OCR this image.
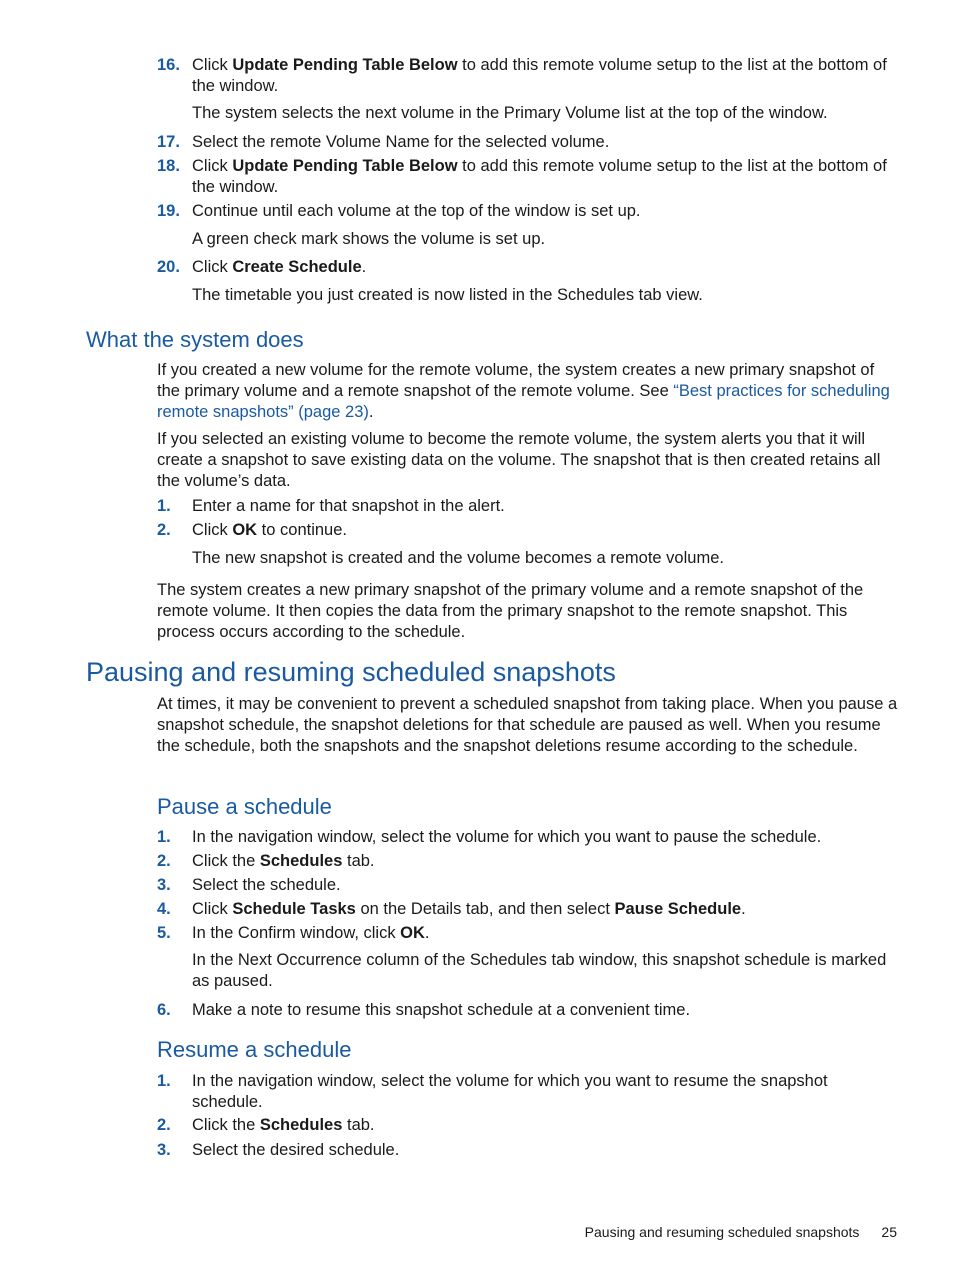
16. Click Update Pending Table Below to add this remote volume setup to the list at the bottom of the window.
The system selects the next volume in the Primary Volume list at the top of the window.
17. Select the remote Volume Name for the selected volume.
18. Click Update Pending Table Below to add this remote volume setup to the list at the bottom of the window.
19. Continue until each volume at the top of the window is set up.
A green check mark shows the volume is set up.
20. Click Create Schedule.
The timetable you just created is now listed in the Schedules tab view.
What the system does
If you created a new volume for the remote volume, the system creates a new primary snapshot of the primary volume and a remote snapshot of the remote volume. See “Best practices for scheduling remote snapshots” (page 23).
If you selected an existing volume to become the remote volume, the system alerts you that it will create a snapshot to save existing data on the volume. The snapshot that is then created retains all the volume’s data.
1. Enter a name for that snapshot in the alert.
2. Click OK to continue.
The new snapshot is created and the volume becomes a remote volume.
The system creates a new primary snapshot of the primary volume and a remote snapshot of the remote volume. It then copies the data from the primary snapshot to the remote snapshot. This process occurs according to the schedule.
Pausing and resuming scheduled snapshots
At times, it may be convenient to prevent a scheduled snapshot from taking place. When you pause a snapshot schedule, the snapshot deletions for that schedule are paused as well. When you resume the schedule, both the snapshots and the snapshot deletions resume according to the schedule.
Pause a schedule
1. In the navigation window, select the volume for which you want to pause the schedule.
2. Click the Schedules tab.
3. Select the schedule.
4. Click Schedule Tasks on the Details tab, and then select Pause Schedule.
5. In the Confirm window, click OK.
In the Next Occurrence column of the Schedules tab window, this snapshot schedule is marked as paused.
6. Make a note to resume this snapshot schedule at a convenient time.
Resume a schedule
1. In the navigation window, select the volume for which you want to resume the snapshot schedule.
2. Click the Schedules tab.
3. Select the desired schedule.
Pausing and resuming scheduled snapshots 25
